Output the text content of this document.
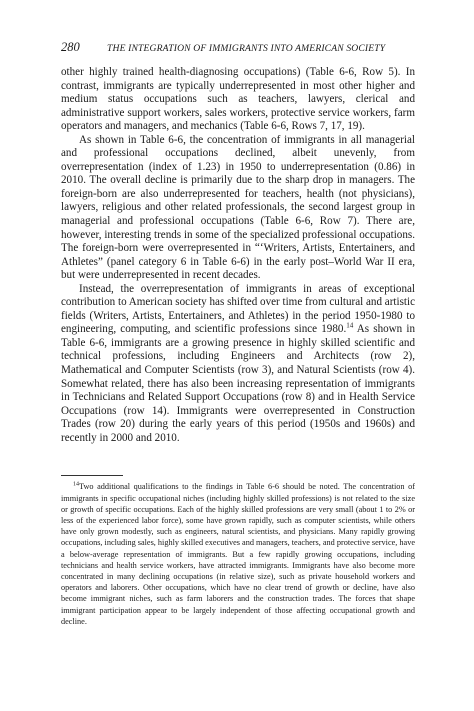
280	THE INTEGRATION OF IMMIGRANTS INTO AMERICAN SOCIETY

other highly trained health-diagnosing occupations) (Table 6-6, Row 5). In contrast, immigrants are typically underrepresented in most other higher and medium status occupations such as teachers, lawyers, clerical and administrative support workers, sales workers, protective service workers, farm operators and managers, and mechanics (Table 6-6, Rows 7, 17, 19).

As shown in Table 6-6, the concentration of immigrants in all managerial and professional occupations declined, albeit unevenly, from overrepresentation (index of 1.23) in 1950 to underrepresentation (0.86) in 2010. The overall decline is primarily due to the sharp drop in managers. The foreign-born are also underrepresented for teachers, health (not physicians), lawyers, religious and other related professionals, the second largest group in managerial and professional occupations (Table 6-6, Row 7). There are, however, interesting trends in some of the specialized professional occupations. The foreign-born were overrepresented in “‘Writers, Artists, Entertainers, and Athletes” (panel category 6 in Table 6-6) in the early post–World War II era, but were underrepresented in recent decades.

Instead, the overrepresentation of immigrants in areas of exceptional contribution to American society has shifted over time from cultural and artistic fields (Writers, Artists, Entertainers, and Athletes) in the period 1950-1980 to engineering, computing, and scientific professions since 1980.14 As shown in Table 6-6, immigrants are a growing presence in highly skilled scientific and technical professions, including Engineers and Architects (row 2), Mathematical and Computer Scientists (row 3), and Natural Scientists (row 4). Somewhat related, there has also been increasing representation of immigrants in Technicians and Related Support Occupations (row 8) and in Health Service Occupations (row 14). Immigrants were overrepresented in Construction Trades (row 20) during the early years of this period (1950s and 1960s) and recently in 2000 and 2010.

$^{14}$Two additional qualifications to the findings in Table 6-6 should be noted. The concentration of immigrants in specific occupational niches (including highly skilled professions) is not related to the size or growth of specific occupations. Each of the highly skilled professions are very small (about 1 to 2% or less of the experienced labor force), some have grown rapidly, such as computer scientists, while others have only grown modestly, such as engineers, natural scientists, and physicians. Many rapidly growing occupations, including sales, highly skilled executives and managers, teachers, and protective service, have a below-average representation of immigrants. But a few rapidly growing occupations, including technicians and health service workers, have attracted immigrants. Immigrants have also become more concentrated in many declining occupations (in relative size), such as private household workers and operators and laborers. Other occupations, which have no clear trend of growth or decline, have also become immigrant niches, such as farm laborers and the construction trades. The forces that shape immigrant participation appear to be largely independent of those affecting occupational growth and decline.
